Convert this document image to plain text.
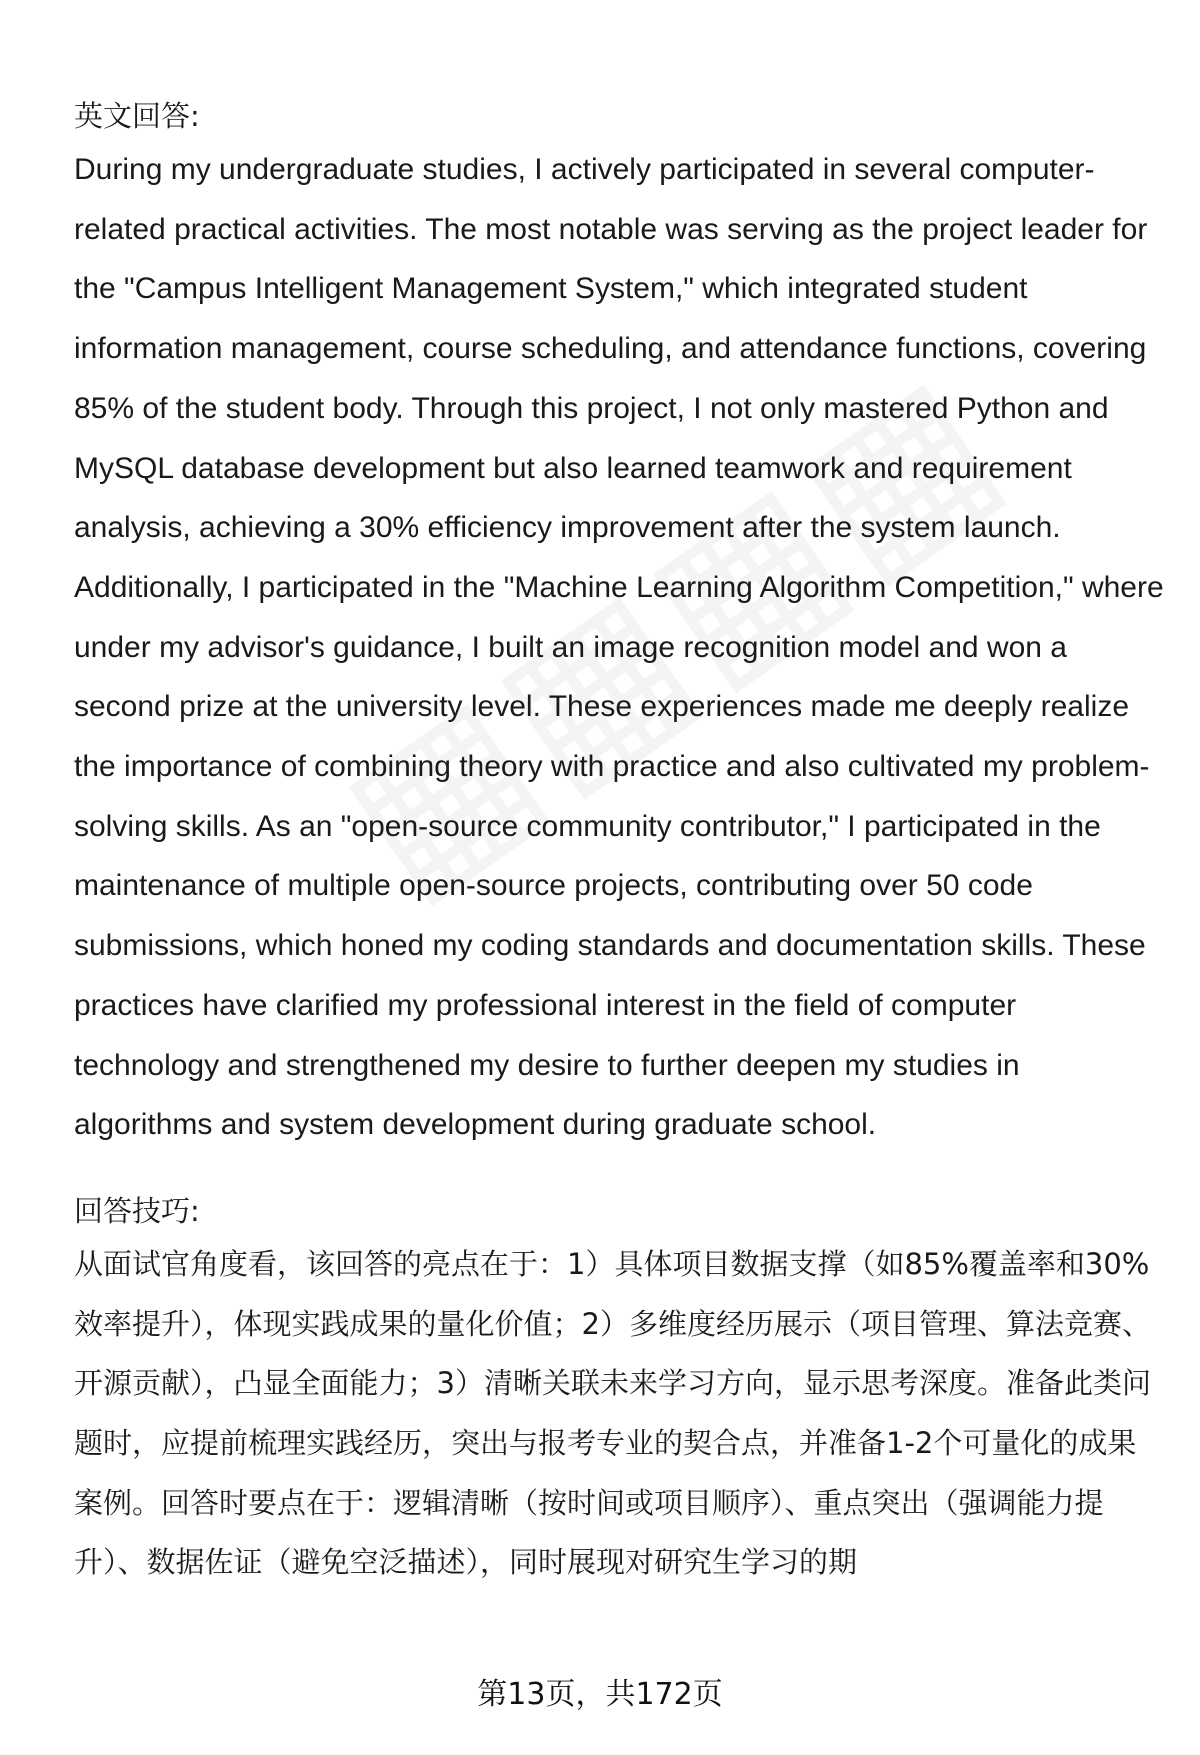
英文回答:

During my undergraduate studies, I actively participated in several computer-related practical activities. The most notable was serving as the project leader for the "Campus Intelligent Management System," which integrated student information management, course scheduling, and attendance functions, covering 85% of the student body. Through this project, I not only mastered Python and MySQL database development but also learned teamwork and requirement analysis, achieving a 30% efficiency improvement after the system launch. Additionally, I participated in the "Machine Learning Algorithm Competition," where under my advisor's guidance, I built an image recognition model and won a second prize at the university level. These experiences made me deeply realize the importance of combining theory with practice and also cultivated my problem-solving skills. As an "open-source community contributor," I participated in the maintenance of multiple open-source projects, contributing over 50 code submissions, which honed my coding standards and documentation skills. These practices have clarified my professional interest in the field of computer technology and strengthened my desire to further deepen my studies in algorithms and system development during graduate school.

回答技巧:

从面试官角度看，该回答的亮点在于：1）具体项目数据支撑（如85%覆盖率和30%效率提升），体现实践成果的量化价值；2）多维度经历展示（项目管理、算法竞赛、开源贡献），凸显全面能力；3）清晰关联未来学习方向，显示思考深度。准备此类问题时，应提前梳理实践经历，突出与报考专业的契合点，并准备1-2个可量化的成果案例。回答时要点在于：逻辑清晰（按时间或项目顺序）、重点突出（强调能力提升）、数据佐证（避免空泛描述），同时展现对研究生学习的期

第13页，共172页
